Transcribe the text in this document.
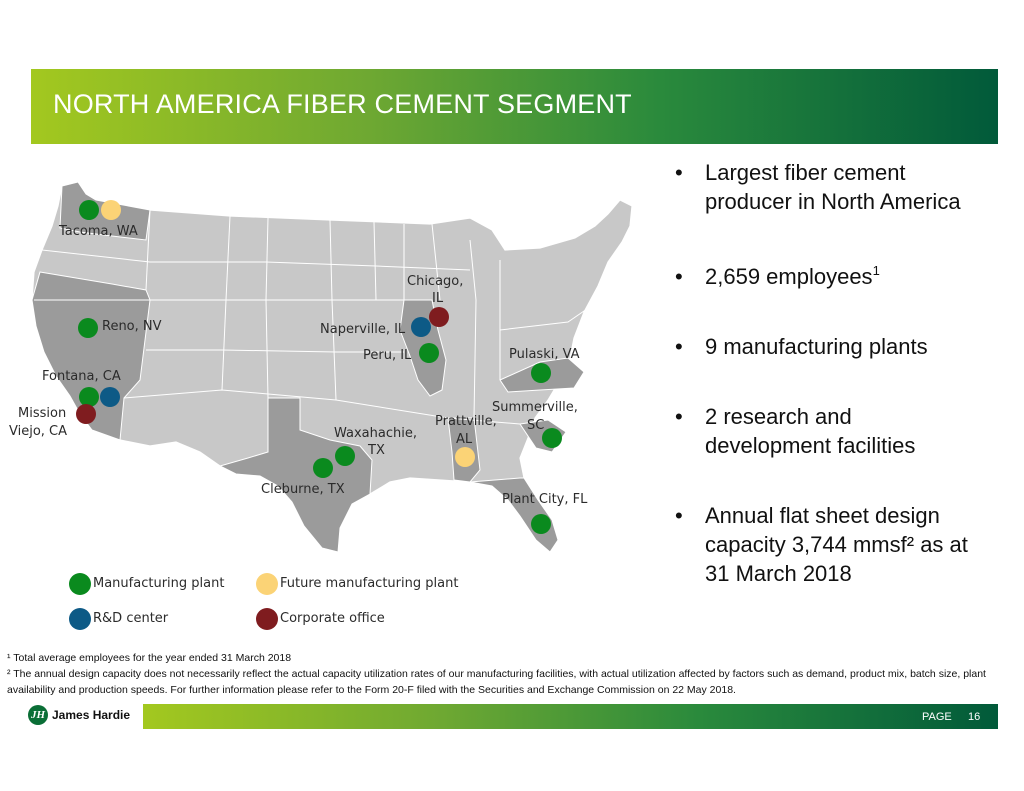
NORTH AMERICA FIBER CEMENT SEGMENT
Tacoma, WA
Reno, NV
Fontana, CA
Mission
Viejo, CA
Chicago,
IL
Naperville, IL
Peru, IL	Pulaski, VA
Summerville,
SC
Prattville,
AL
Waxahachie,
TX
Cleburne, TX
Plant City, FL
Manufacturing plant	Future manufacturing plant
R&D center	Corporate office
• Largest fiber cement
producer in North America
• 2,659 employees$^1$
• 9 manufacturing plants
• 2 research and
development facilities
• Annual flat sheet design
capacity 3,744 mmsf² as at
31 March 2018

¹ Total average employees for the year ended 31 March 2018

² The annual design capacity does not necessarily reflect the actual capacity utilization rates of our manufacturing facilities, with actual utilization affected by factors such as demand, product mix, batch size, plant availability and production speeds. For further information please refer to the Form 20-F filed with the Securities and Exchange Commission on 22 May 2018.

JH James Hardie	PAGE 16
